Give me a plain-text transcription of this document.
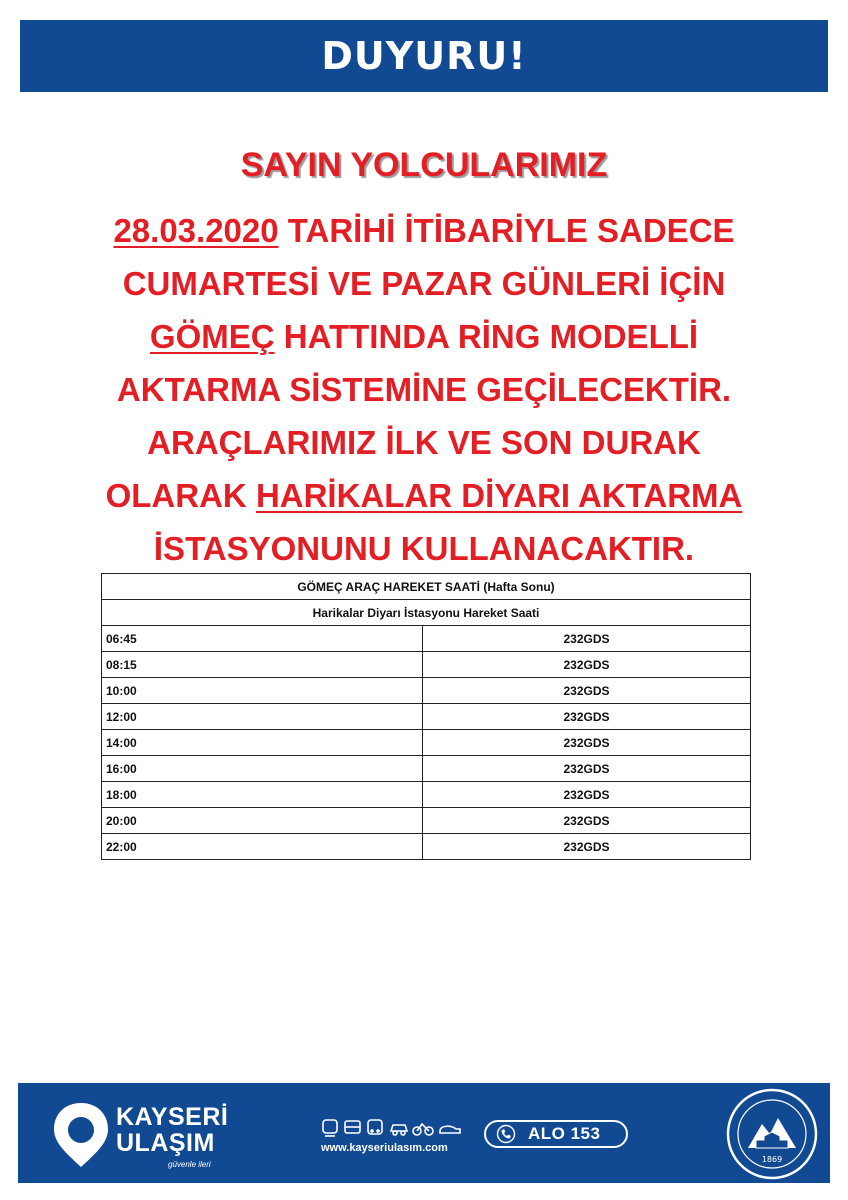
DUYURU!
SAYIN YOLCULARIMIZ
28.03.2020 TARİHİ İTİBARİYLE SADECE
CUMARTESİ VE PAZAR GÜNLERİ İÇİN
GÖMEÇ HATTINDA RİNG MODELLİ
AKTARMA SİSTEMİNE GEÇİLECEKTİR.
ARAÇLARIMIZ İLK VE SON DURAK
OLARAK HARİKALAR DİYARI AKTARMA
İSTASYONUNU KULLANACAKTIR.
GÖMEÇ ARAÇ HAREKET SAATİ (Hafta Sonu)	
Harikalar Diyarı İstasyonu Hareket Saati	
06:45	232GDS
08:15	232GDS
10:00	232GDS
12:00	232GDS
14:00	232GDS
16:00	232GDS
18:00	232GDS
20:00	232GDS
22:00	232GDS
KAYSERİ
ULAŞIM
güvenle ileri
www.kayseriulasım.com
ALO 153
1869
